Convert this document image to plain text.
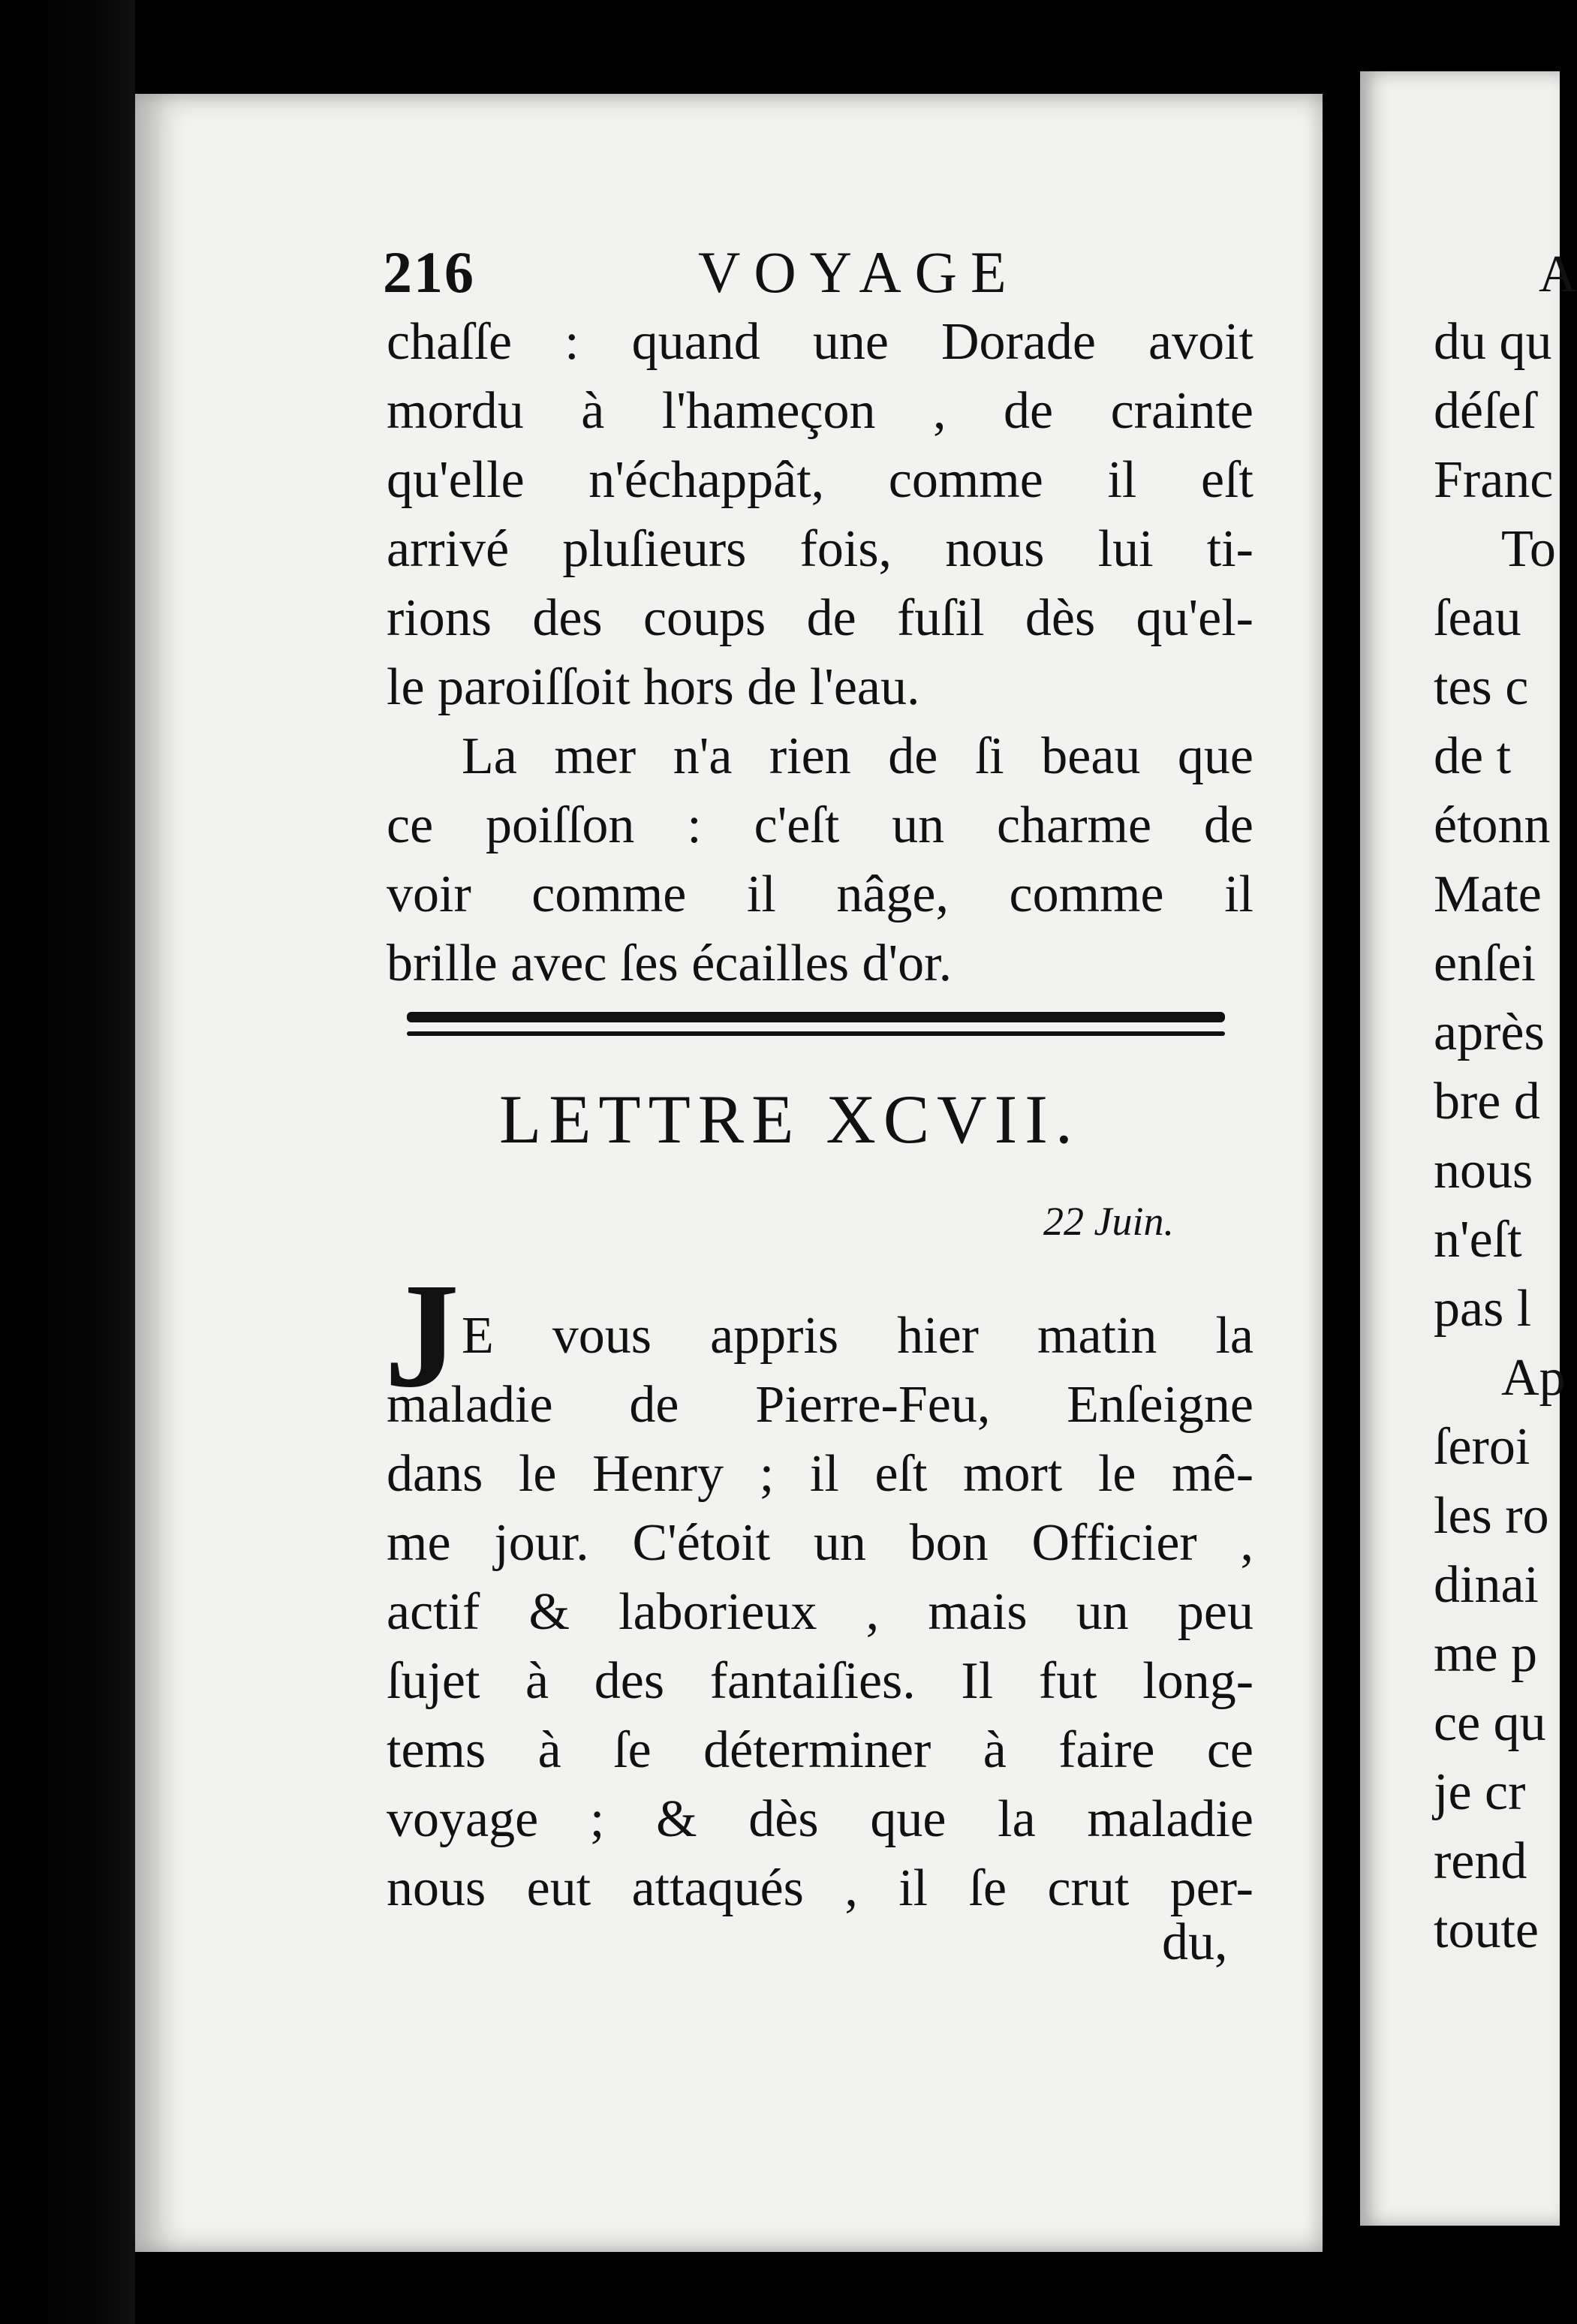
216	VOYAGE
chaſſe : quand une Dorade avoit
mordu à l'hameçon , de crainte
qu'elle n'échappât, comme il eſt
arrivé pluſieurs fois, nous lui ti-
rions des coups de fuſil dès qu'el-
le paroiſſoit hors de l'eau.
La mer n'a rien de ſi beau que
ce poiſſon : c'eſt un charme de
voir comme il nâge, comme il
brille avec ſes écailles d'or.
LETTRE XCVII.
22 Juin.
J E vous appris hier matin la
maladie de Pierre-Feu, Enſeigne
dans le Henry ; il eſt mort le mê-
me jour. C'étoit un bon Officier ,
actif & laborieux , mais un peu
ſujet à des fantaiſies. Il fut long-
tems à ſe déterminer à faire ce
voyage ; & dès que la maladie
nous eut attaqués , il ſe crut per-
du,
A
du qu
déſeſ
Franc
To
ſeau
tes c
de t
étonn
Mate
enſei
après
bre d
nous
n'eſt
pas l
Ap
ſeroi
les ro
dinai
me p
ce qu
je cr
rend
toute
